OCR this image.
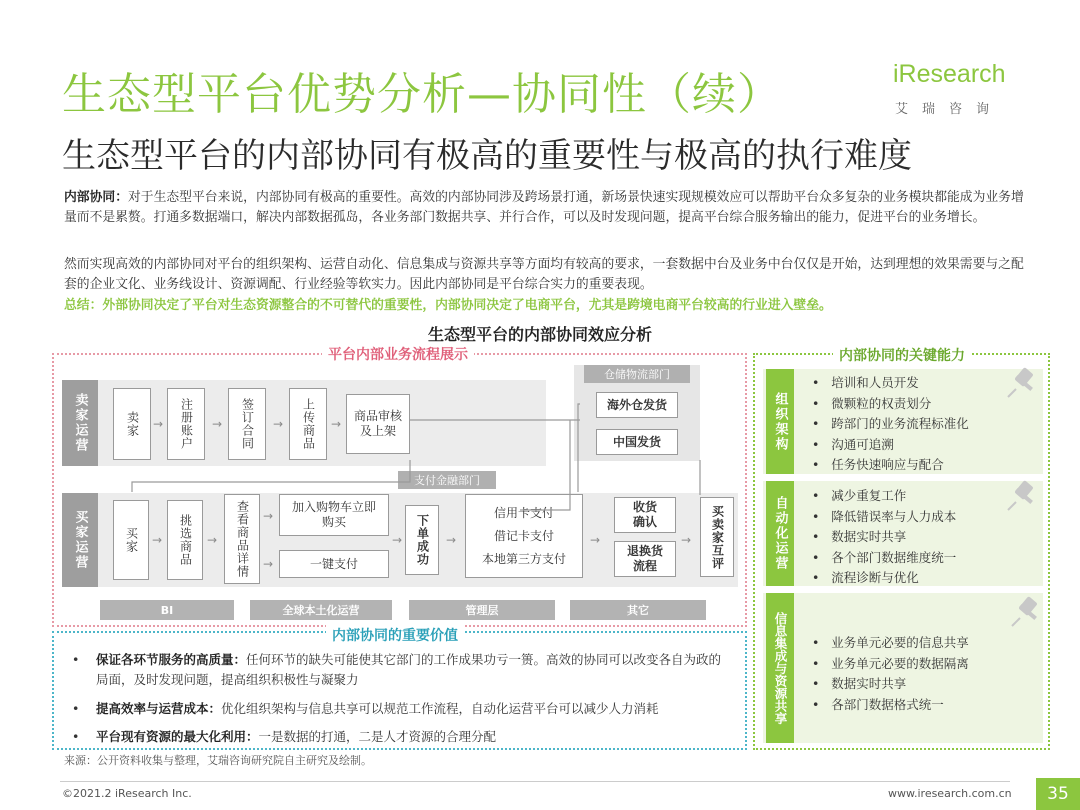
生态型平台优势分析—协同性（续）
生态型平台的内部协同有极高的重要性与极高的执行难度
iResearch
艾瑞咨询
内部协同：对于生态型平台来说，内部协同有极高的重要性。高效的内部协同涉及跨场景打通，新场景快速实现规模效应可以帮助平台众多复杂的业务模块都能成为业务增量而不是累赘。打通多数据端口，解决内部数据孤岛，各业务部门数据共享、并行合作，可以及时发现问题，提高平台综合服务输出的能力，促进平台的业务增长。
然而实现高效的内部协同对平台的组织架构、运营自动化、信息集成与资源共享等方面均有较高的要求，一套数据中台及业务中台仅仅是开始，达到理想的效果需要与之配套的企业文化、业务线设计、资源调配、行业经验等软实力。因此内部协同是平台综合实力的重要表现。
总结：外部协同决定了平台对生态资源整合的不可替代的重要性，内部协同决定了电商平台，尤其是跨境电商平台较高的行业进入壁垒。
生态型平台的内部协同效应分析
平台内部业务流程展示
卖家运营	卖家	注册账户	签订合同	上传商品	商品审核及上架
→	→	→	→
仓储物流部门
海外仓发货
中国发货
买家运营	买家	挑选商品	查看商品详情	加入购物车立即购买
一键支付	下单成功
支付金融部门
信用卡支付
借记卡支付
本地第三方支付
收货确认
退换货流程	买卖家互评
→	→
→
→
→	→	→	→
BI	全球本土化运营	管理层	其它
内部协同的重要价值
• 保证各环节服务的高质量：任何环节的缺失可能使其它部门的工作成果功亏一篑。高效的协同可以改变各自为政的局面，及时发现问题，提高组织积极性与凝聚力
• 提高效率与运营成本：优化组织架构与信息共享可以规范工作流程，自动化运营平台可以减少人力消耗
• 平台现有资源的最大化利用：一是数据的打通，二是人才资源的合理分配
内部协同的关键能力
组织架构
•   培训和人员开发
•   微颗粒的权责划分
•   跨部门的业务流程标准化
•   沟通可追溯
•   任务快速响应与配合
自动化运营
•   减少重复工作
•   降低错误率与人力成本
•   数据实时共享
•   各个部门数据维度统一
•   流程诊断与优化
信息集成与资源共享	•   业务单元必要的信息共享
•   业务单元必要的数据隔离
•   数据实时共享
•   各部门数据格式统一
来源：公开资料收集与整理，艾瑞咨询研究院自主研究及绘制。
©2021.2 iResearch Inc.	www.iresearch.com.cn	35
